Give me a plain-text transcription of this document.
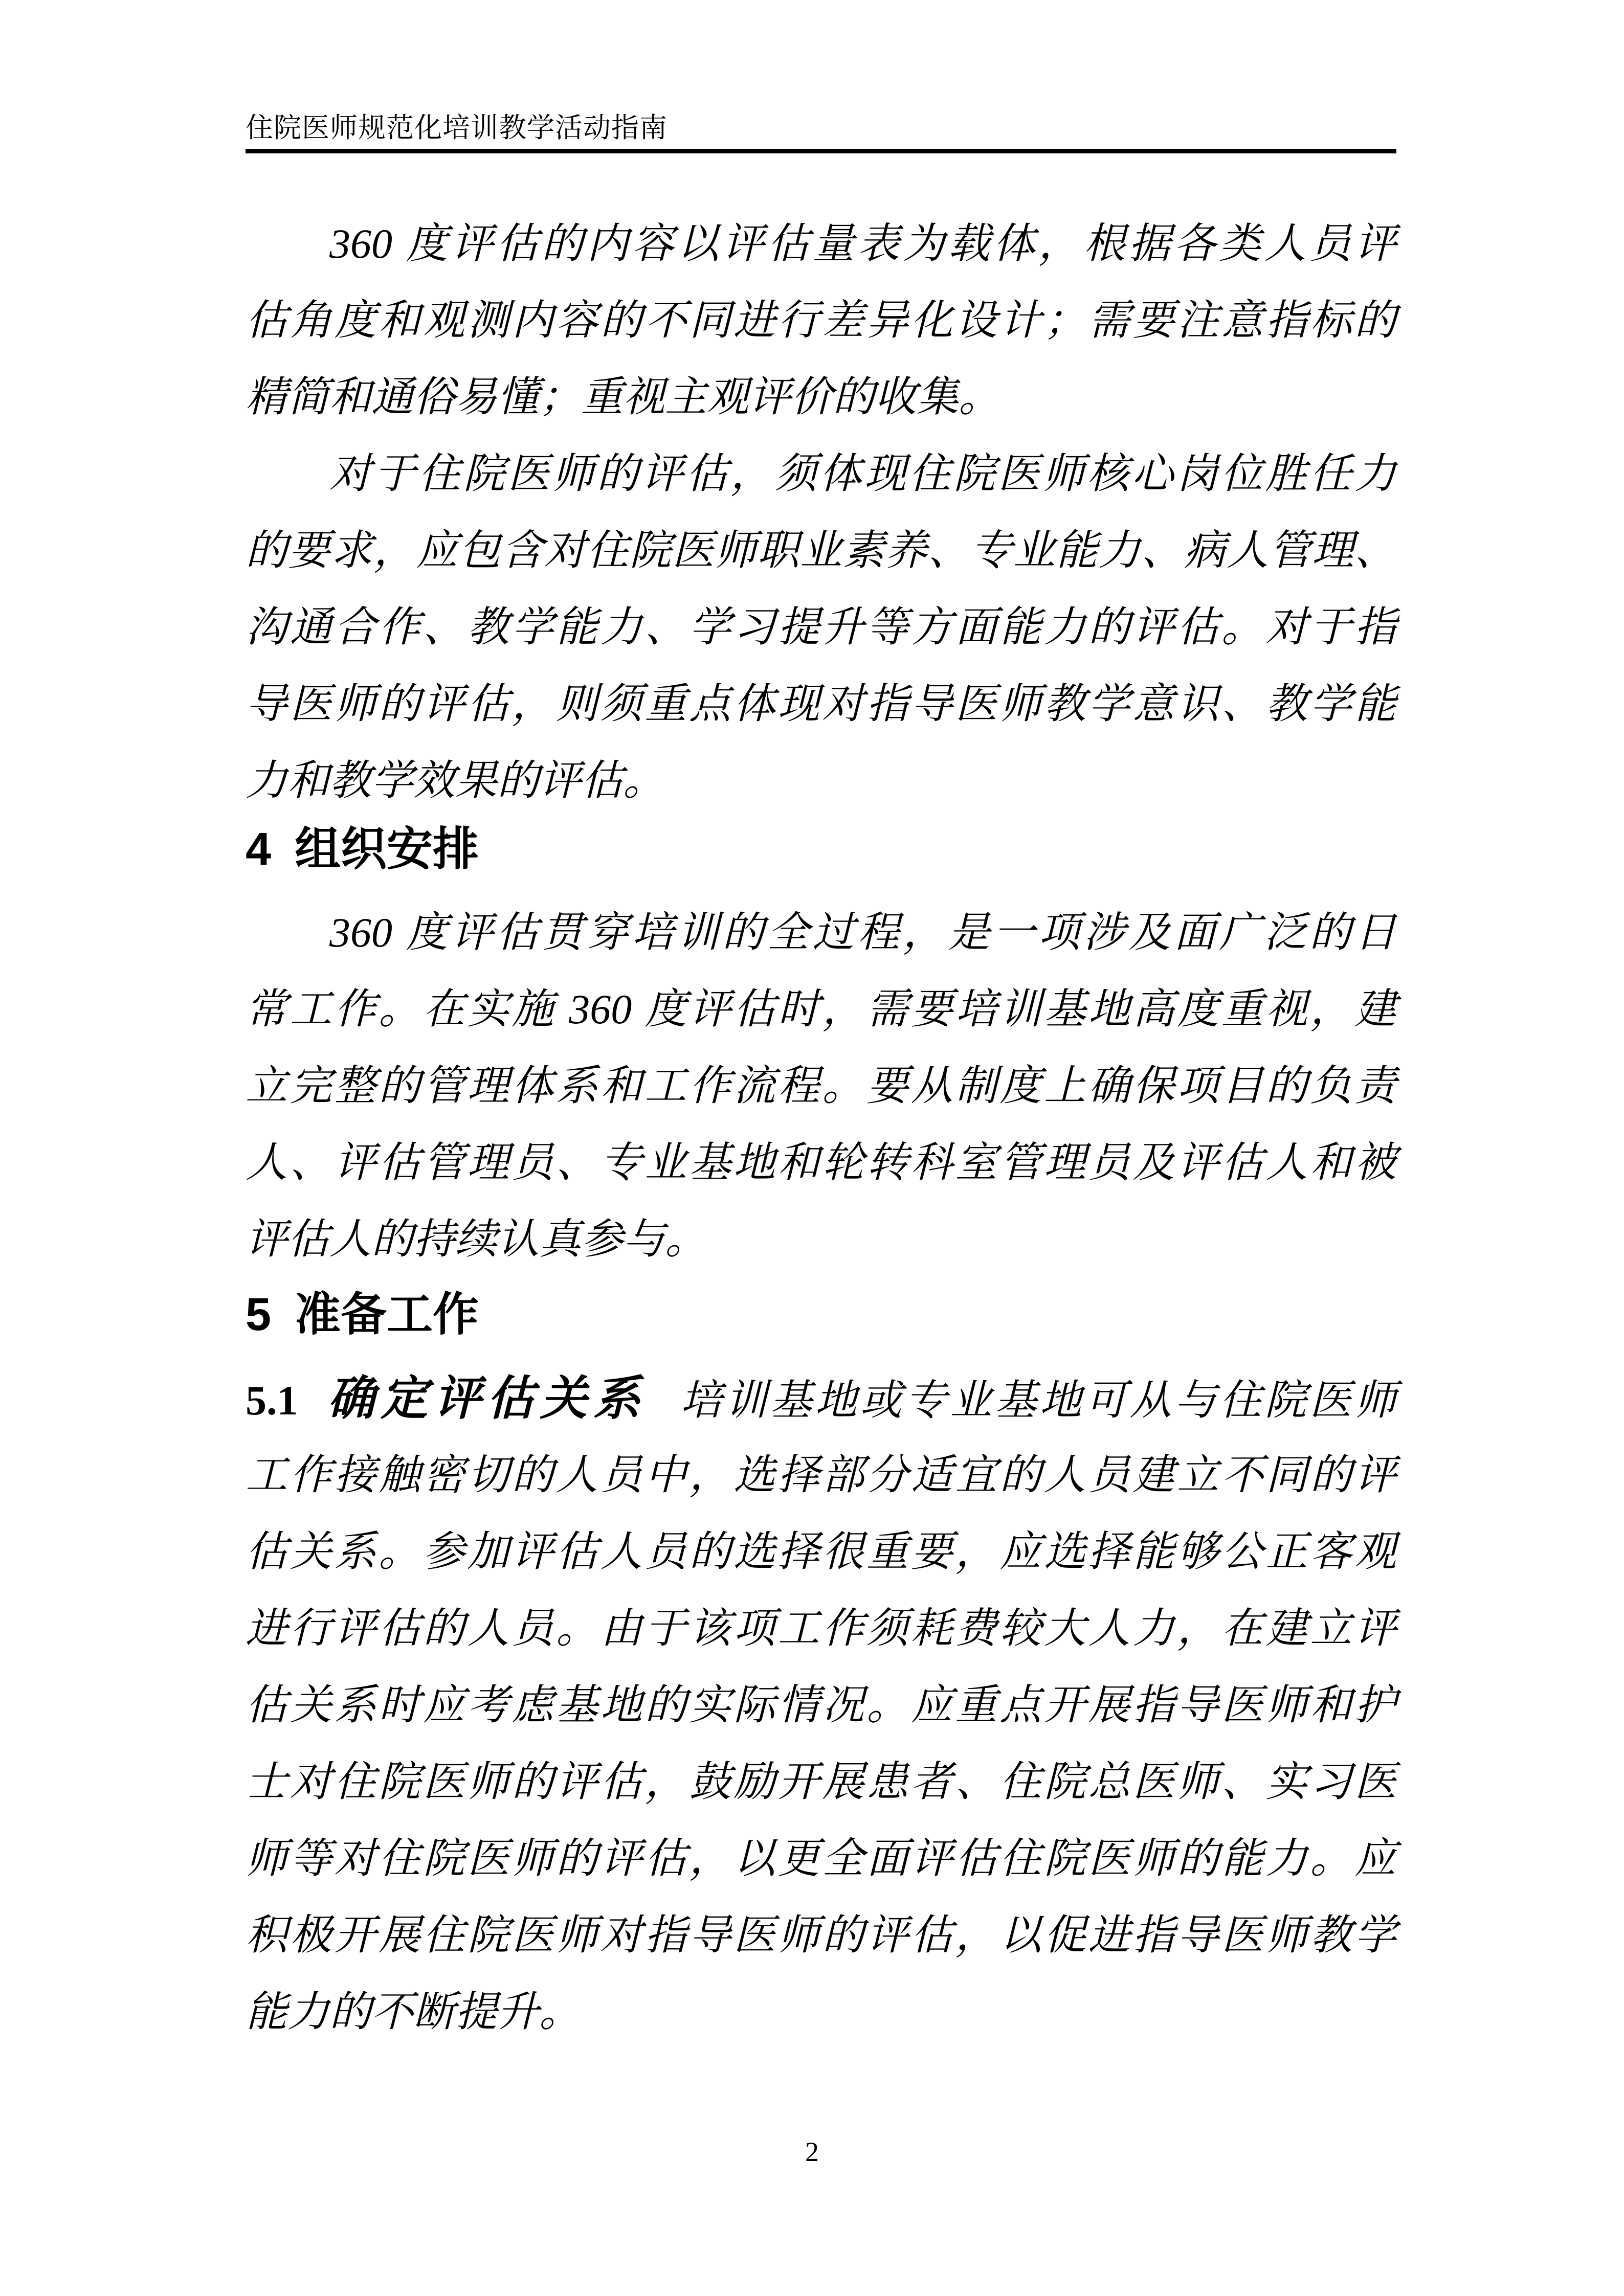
住院医师规范化培训教学活动指南
360 度评估的内容以评估量表为载体，根据各类人员评
估角度和观测内容的不同进行差异化设计；需要注意指标的
精简和通俗易懂；重视主观评价的收集。
对于住院医师的评估，须体现住院医师核心岗位胜任力
的要求，应包含对住院医师职业素养、专业能力、病人管理、
沟通合作、教学能力、学习提升等方面能力的评估。对于指
导医师的评估，则须重点体现对指导医师教学意识、教学能
力和教学效果的评估。
4 组织安排
360 度评估贯穿培训的全过程，是一项涉及面广泛的日
常工作。在实施 360 度评估时，需要培训基地高度重视，建
立完整的管理体系和工作流程。要从制度上确保项目的负责
人、评估管理员、专业基地和轮转科室管理员及评估人和被
评估人的持续认真参与。
5 准备工作
5.1 确定评估关系 培训基地或专业基地可从与住院医师
工作接触密切的人员中，选择部分适宜的人员建立不同的评
估关系。参加评估人员的选择很重要，应选择能够公正客观
进行评估的人员。由于该项工作须耗费较大人力，在建立评
估关系时应考虑基地的实际情况。应重点开展指导医师和护
士对住院医师的评估，鼓励开展患者、住院总医师、实习医
师等对住院医师的评估，以更全面评估住院医师的能力。应
积极开展住院医师对指导医师的评估，以促进指导医师教学
能力的不断提升。
2
